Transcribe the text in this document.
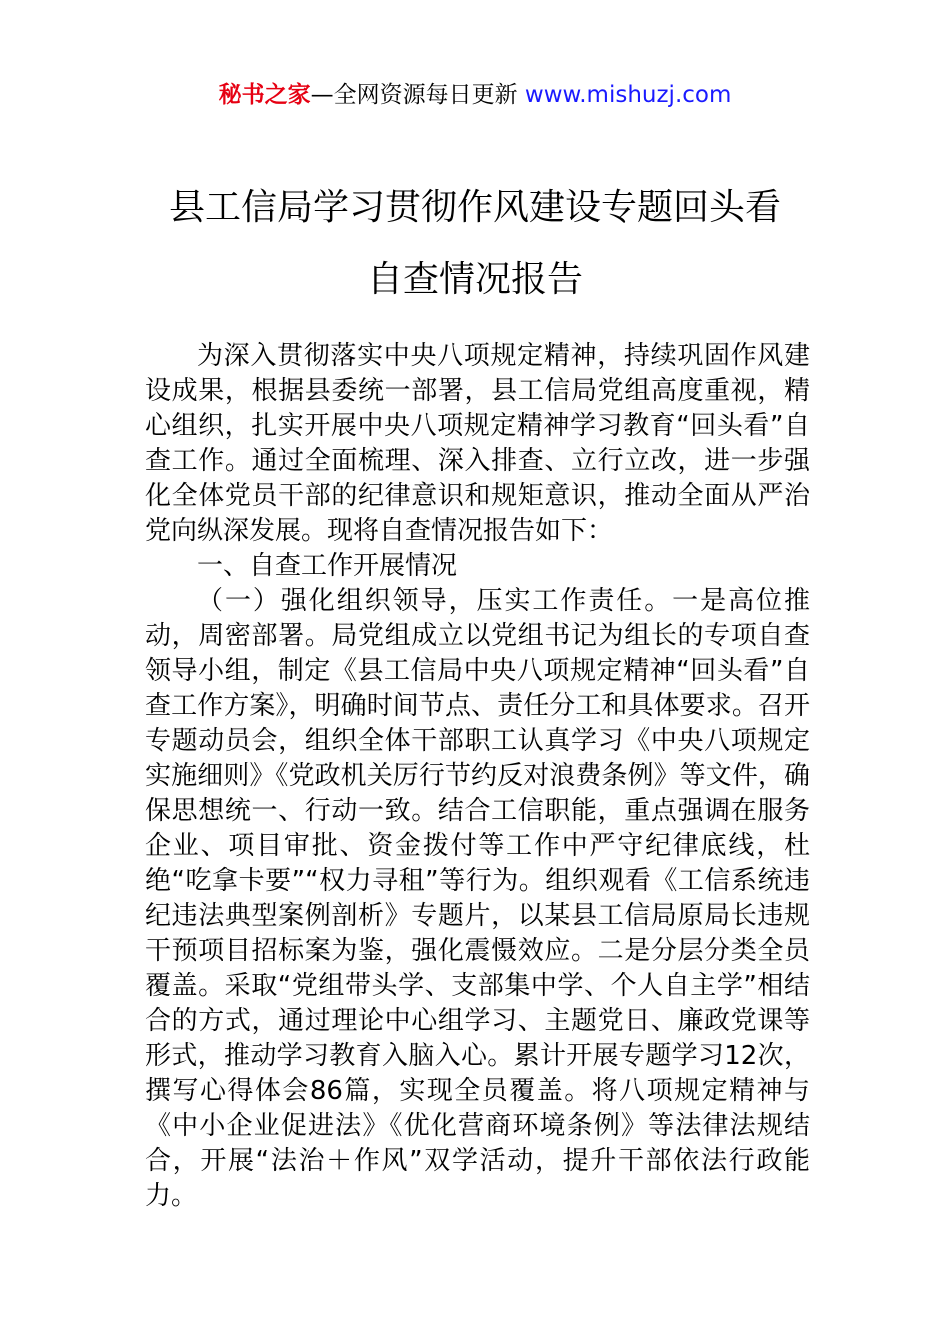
秘书之家—全网资源每日更新 www.mishuzj.com
县工信局学习贯彻作风建设专题回头看
自查情况报告

为深入贯彻落实中央八项规定精神，持续巩固作风建设成果，根据县委统一部署，县工信局党组高度重视，精心组织，扎实开展中央八项规定精神学习教育“回头看”自查工作。通过全面梳理、深入排查、立行立改，进一步强化全体党员干部的纪律意识和规矩意识，推动全面从严治党向纵深发展。现将自查情况报告如下：

一、自查工作开展情况

（一）强化组织领导，压实工作责任。一是高位推动，周密部署。局党组成立以党组书记为组长的专项自查领导小组，制定《县工信局中央八项规定精神“回头看”自查工作方案》，明确时间节点、责任分工和具体要求。召开专题动员会，组织全体干部职工认真学习《中央八项规定实施细则》《党政机关厉行节约反对浪费条例》等文件，确保思想统一、行动一致。结合工信职能，重点强调在服务企业、项目审批、资金拨付等工作中严守纪律底线，杜绝“吃拿卡要”“权力寻租”等行为。组织观看《工信系统违纪违法典型案例剖析》专题片，以某县工信局原局长违规干预项目招标案为鉴，强化震慑效应。二是分层分类全员覆盖。采取“党组带头学、支部集中学、个人自主学”相结合的方式，通过理论中心组学习、主题党日、廉政党课等形式，推动学习教育入脑入心。累计开展专题学习12次，撰写心得体会86篇，实现全员覆盖。将八项规定精神与《中小企业促进法》《优化营商环境条例》等法律法规结合，开展“法治＋作风”双学活动，提升干部依法行政能力。
